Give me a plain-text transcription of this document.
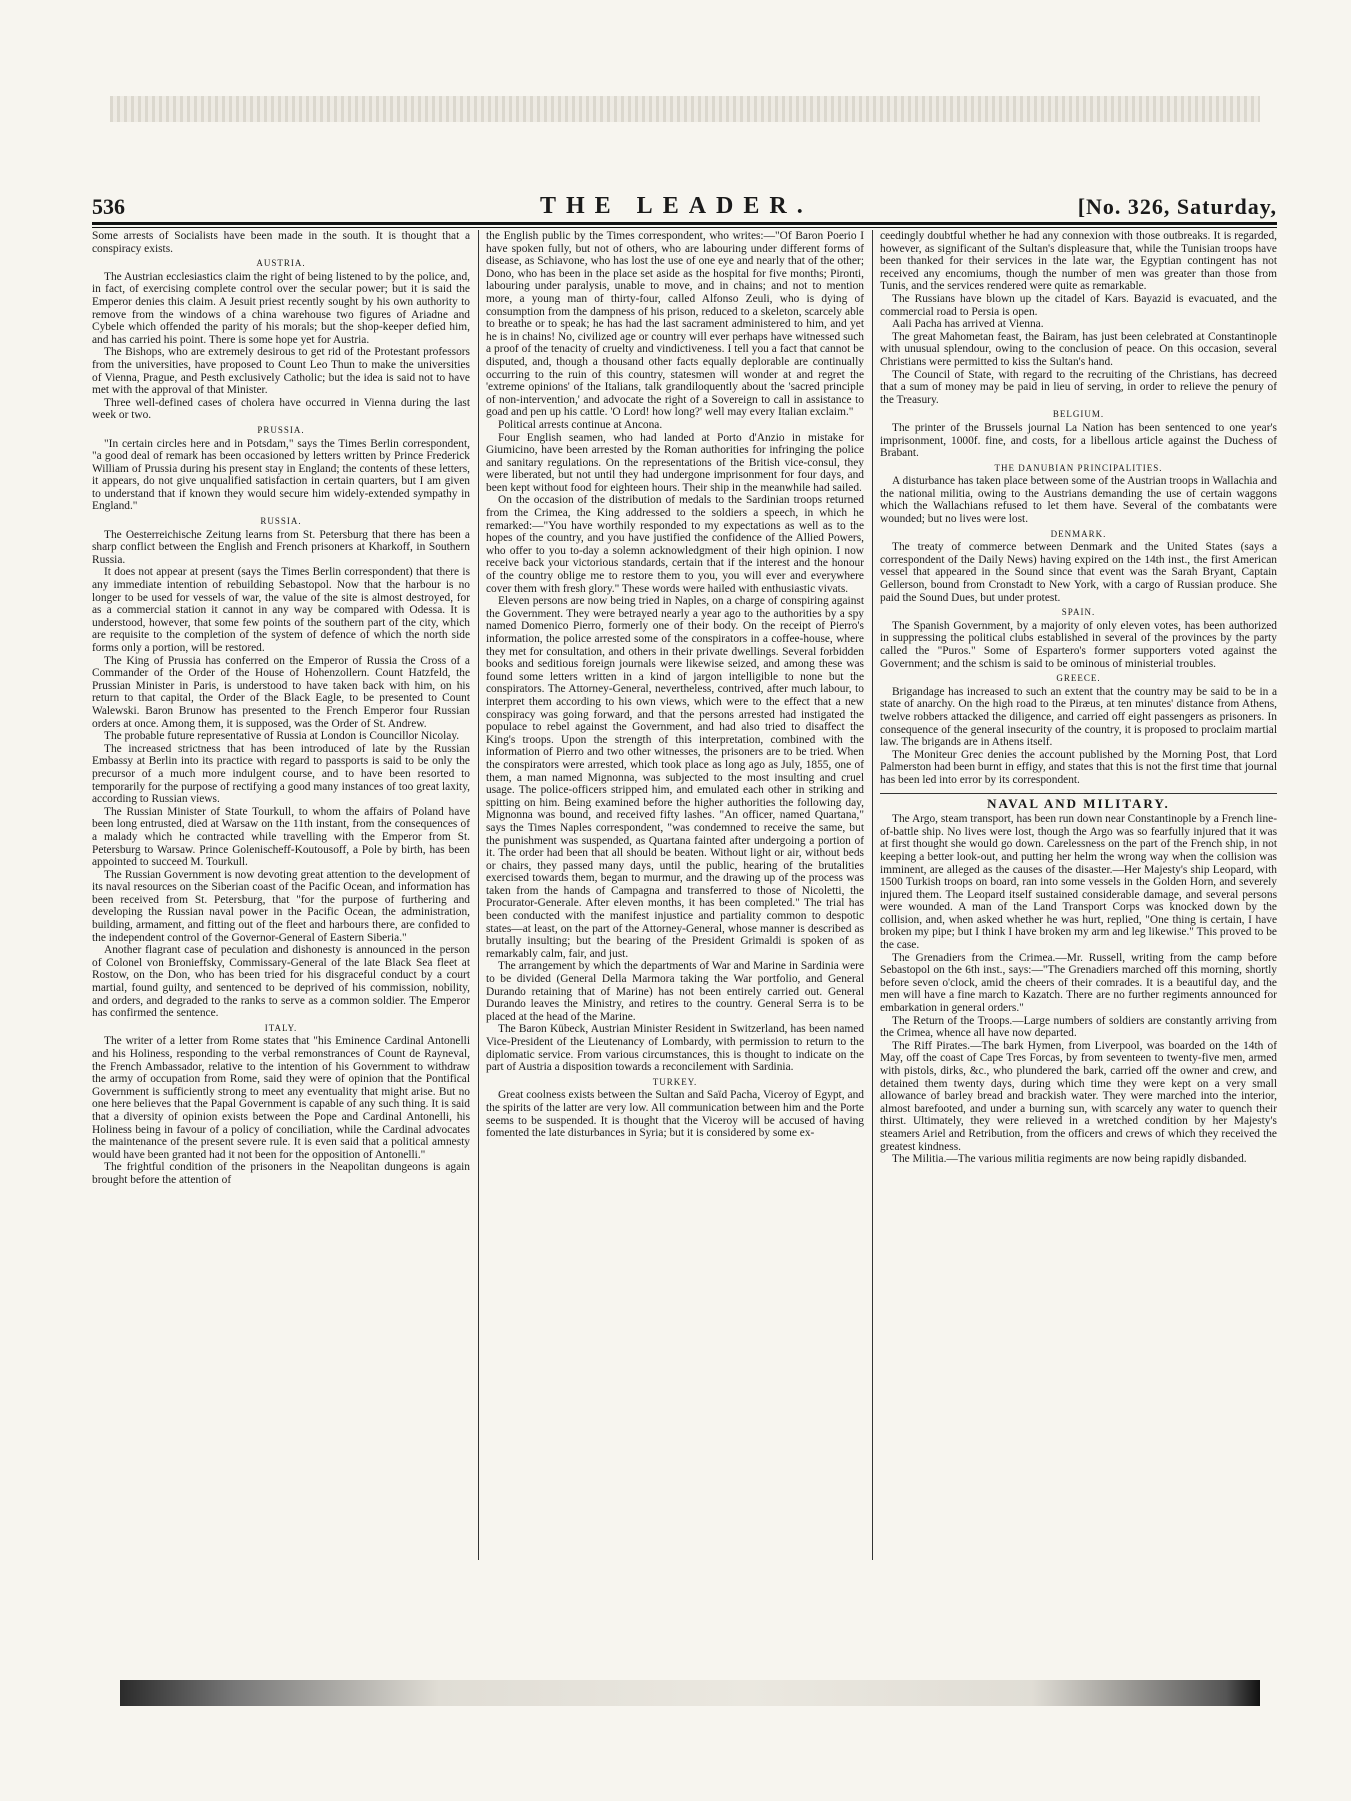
536	THE LEADER.	[No. 326, Saturday,

Some arrests of Socialists have been made in the south. It is thought that a conspiracy exists.

AUSTRIA.

The Austrian ecclesiastics claim the right of being listened to by the police, and, in fact, of exercising complete control over the secular power; but it is said the Emperor denies this claim. A Jesuit priest recently sought by his own authority to remove from the windows of a china warehouse two figures of Ariadne and Cybele which offended the parity of his morals; but the shop-keeper defied him, and has carried his point. There is some hope yet for Austria.

The Bishops, who are extremely desirous to get rid of the Protestant professors from the universities, have proposed to Count Leo Thun to make the universities of Vienna, Prague, and Pesth exclusively Catholic; but the idea is said not to have met with the approval of that Minister.

Three well-defined cases of cholera have occurred in Vienna during the last week or two.

PRUSSIA.

"In certain circles here and in Potsdam," says the Times Berlin correspondent, "a good deal of remark has been occasioned by letters written by Prince Frederick William of Prussia during his present stay in England; the contents of these letters, it appears, do not give unqualified satisfaction in certain quarters, but I am given to understand that if known they would secure him widely-extended sympathy in England."

RUSSIA.

The Oesterreichische Zeitung learns from St. Petersburg that there has been a sharp conflict between the English and French prisoners at Kharkoff, in Southern Russia.

It does not appear at present (says the Times Berlin correspondent) that there is any immediate intention of rebuilding Sebastopol. Now that the harbour is no longer to be used for vessels of war, the value of the site is almost destroyed, for as a commercial station it cannot in any way be compared with Odessa. It is understood, however, that some few points of the southern part of the city, which are requisite to the completion of the system of defence of which the north side forms only a portion, will be restored.

The King of Prussia has conferred on the Emperor of Russia the Cross of a Commander of the Order of the House of Hohenzollern. Count Hatzfeld, the Prussian Minister in Paris, is understood to have taken back with him, on his return to that capital, the Order of the Black Eagle, to be presented to Count Walewski. Baron Brunow has presented to the French Emperor four Russian orders at once. Among them, it is supposed, was the Order of St. Andrew.

The probable future representative of Russia at London is Councillor Nicolay.

The increased strictness that has been introduced of late by the Russian Embassy at Berlin into its practice with regard to passports is said to be only the precursor of a much more indulgent course, and to have been resorted to temporarily for the purpose of rectifying a good many instances of too great laxity, according to Russian views.

The Russian Minister of State Tourkull, to whom the affairs of Poland have been long entrusted, died at Warsaw on the 11th instant, from the consequences of a malady which he contracted while travelling with the Emperor from St. Petersburg to Warsaw. Prince Golenischeff-Koutousoff, a Pole by birth, has been appointed to succeed M. Tourkull.

The Russian Government is now devoting great attention to the development of its naval resources on the Siberian coast of the Pacific Ocean, and information has been received from St. Petersburg, that "for the purpose of furthering and developing the Russian naval power in the Pacific Ocean, the administration, building, armament, and fitting out of the fleet and harbours there, are confided to the independent control of the Governor-General of Eastern Siberia."

Another flagrant case of peculation and dishonesty is announced in the person of Colonel von Bronieffsky, Commissary-General of the late Black Sea fleet at Rostow, on the Don, who has been tried for his disgraceful conduct by a court martial, found guilty, and sentenced to be deprived of his commission, nobility, and orders, and degraded to the ranks to serve as a common soldier. The Emperor has confirmed the sentence.

ITALY.

The writer of a letter from Rome states that "his Eminence Cardinal Antonelli and his Holiness, responding to the verbal remonstrances of Count de Rayneval, the French Ambassador, relative to the intention of his Government to withdraw the army of occupation from Rome, said they were of opinion that the Pontifical Government is sufficiently strong to meet any eventuality that might arise. But no one here believes that the Papal Government is capable of any such thing. It is said that a diversity of opinion exists between the Pope and Cardinal Antonelli, his Holiness being in favour of a policy of conciliation, while the Cardinal advocates the maintenance of the present severe rule. It is even said that a political amnesty would have been granted had it not been for the opposition of Antonelli."

The frightful condition of the prisoners in the Neapolitan dungeons is again brought before the attention of

the English public by the Times correspondent, who writes:—"Of Baron Poerio I have spoken fully, but not of others, who are labouring under different forms of disease, as Schiavone, who has lost the use of one eye and nearly that of the other; Dono, who has been in the place set aside as the hospital for five months; Pironti, labouring under paralysis, unable to move, and in chains; and not to mention more, a young man of thirty-four, called Alfonso Zeuli, who is dying of consumption from the dampness of his prison, reduced to a skeleton, scarcely able to breathe or to speak; he has had the last sacrament administered to him, and yet he is in chains! No, civilized age or country will ever perhaps have witnessed such a proof of the tenacity of cruelty and vindictiveness. I tell you a fact that cannot be disputed, and, though a thousand other facts equally deplorable are continually occurring to the ruin of this country, statesmen will wonder at and regret the 'extreme opinions' of the Italians, talk grandiloquently about the 'sacred principle of non-intervention,' and advocate the right of a Sovereign to call in assistance to goad and pen up his cattle. 'O Lord! how long?' well may every Italian exclaim."

Political arrests continue at Ancona.

Four English seamen, who had landed at Porto d'Anzio in mistake for Giumicino, have been arrested by the Roman authorities for infringing the police and sanitary regulations. On the representations of the British vice-consul, they were liberated, but not until they had undergone imprisonment for four days, and been kept without food for eighteen hours. Their ship in the meanwhile had sailed.

On the occasion of the distribution of medals to the Sardinian troops returned from the Crimea, the King addressed to the soldiers a speech, in which he remarked:—"You have worthily responded to my expectations as well as to the hopes of the country, and you have justified the confidence of the Allied Powers, who offer to you to-day a solemn acknowledgment of their high opinion. I now receive back your victorious standards, certain that if the interest and the honour of the country oblige me to restore them to you, you will ever and everywhere cover them with fresh glory." These words were hailed with enthusiastic vivats.

Eleven persons are now being tried in Naples, on a charge of conspiring against the Government. They were betrayed nearly a year ago to the authorities by a spy named Domenico Pierro, formerly one of their body. On the receipt of Pierro's information, the police arrested some of the conspirators in a coffee-house, where they met for consultation, and others in their private dwellings. Several forbidden books and seditious foreign journals were likewise seized, and among these was found some letters written in a kind of jargon intelligible to none but the conspirators. The Attorney-General, nevertheless, contrived, after much labour, to interpret them according to his own views, which were to the effect that a new conspiracy was going forward, and that the persons arrested had instigated the populace to rebel against the Government, and had also tried to disaffect the King's troops. Upon the strength of this interpretation, combined with the information of Pierro and two other witnesses, the prisoners are to be tried. When the conspirators were arrested, which took place as long ago as July, 1855, one of them, a man named Mignonna, was subjected to the most insulting and cruel usage. The police-officers stripped him, and emulated each other in striking and spitting on him. Being examined before the higher authorities the following day, Mignonna was bound, and received fifty lashes. "An officer, named Quartana," says the Times Naples correspondent, "was condemned to receive the same, but the punishment was suspended, as Quartana fainted after undergoing a portion of it. The order had been that all should be beaten. Without light or air, without beds or chairs, they passed many days, until the public, hearing of the brutalities exercised towards them, began to murmur, and the drawing up of the process was taken from the hands of Campagna and transferred to those of Nicoletti, the Procurator-Generale. After eleven months, it has been completed." The trial has been conducted with the manifest injustice and partiality common to despotic states—at least, on the part of the Attorney-General, whose manner is described as brutally insulting; but the bearing of the President Grimaldi is spoken of as remarkably calm, fair, and just.

The arrangement by which the departments of War and Marine in Sardinia were to be divided (General Della Marmora taking the War portfolio, and General Durando retaining that of Marine) has not been entirely carried out. General Durando leaves the Ministry, and retires to the country. General Serra is to be placed at the head of the Marine.

The Baron Kübeck, Austrian Minister Resident in Switzerland, has been named Vice-President of the Lieutenancy of Lombardy, with permission to return to the diplomatic service. From various circumstances, this is thought to indicate on the part of Austria a disposition towards a reconcilement with Sardinia.

TURKEY.

Great coolness exists between the Sultan and Saïd Pacha, Viceroy of Egypt, and the spirits of the latter are very low. All communication between him and the Porte seems to be suspended. It is thought that the Viceroy will be accused of having fomented the late disturbances in Syria; but it is considered by some ex-

ceedingly doubtful whether he had any connexion with those outbreaks. It is regarded, however, as significant of the Sultan's displeasure that, while the Tunisian troops have been thanked for their services in the late war, the Egyptian contingent has not received any encomiums, though the number of men was greater than those from Tunis, and the services rendered were quite as remarkable.

The Russians have blown up the citadel of Kars. Bayazid is evacuated, and the commercial road to Persia is open.

Aali Pacha has arrived at Vienna.

The great Mahometan feast, the Bairam, has just been celebrated at Constantinople with unusual splendour, owing to the conclusion of peace. On this occasion, several Christians were permitted to kiss the Sultan's hand.

The Council of State, with regard to the recruiting of the Christians, has decreed that a sum of money may be paid in lieu of serving, in order to relieve the penury of the Treasury.

BELGIUM.

The printer of the Brussels journal La Nation has been sentenced to one year's imprisonment, 1000f. fine, and costs, for a libellous article against the Duchess of Brabant.

THE DANUBIAN PRINCIPALITIES.

A disturbance has taken place between some of the Austrian troops in Wallachia and the national militia, owing to the Austrians demanding the use of certain waggons which the Wallachians refused to let them have. Several of the combatants were wounded; but no lives were lost.

DENMARK.

The treaty of commerce between Denmark and the United States (says a correspondent of the Daily News) having expired on the 14th inst., the first American vessel that appeared in the Sound since that event was the Sarah Bryant, Captain Gellerson, bound from Cronstadt to New York, with a cargo of Russian produce. She paid the Sound Dues, but under protest.

SPAIN.

The Spanish Government, by a majority of only eleven votes, has been authorized in suppressing the political clubs established in several of the provinces by the party called the "Puros." Some of Espartero's former supporters voted against the Government; and the schism is said to be ominous of ministerial troubles.

GREECE.

Brigandage has increased to such an extent that the country may be said to be in a state of anarchy. On the high road to the Piræus, at ten minutes' distance from Athens, twelve robbers attacked the diligence, and carried off eight passengers as prisoners. In consequence of the general insecurity of the country, it is proposed to proclaim martial law. The brigands are in Athens itself.

The Moniteur Grec denies the account published by the Morning Post, that Lord Palmerston had been burnt in effigy, and states that this is not the first time that journal has been led into error by its correspondent.

NAVAL AND MILITARY.

The Argo, steam transport, has been run down near Constantinople by a French line-of-battle ship. No lives were lost, though the Argo was so fearfully injured that it was at first thought she would go down. Carelessness on the part of the French ship, in not keeping a better look-out, and putting her helm the wrong way when the collision was imminent, are alleged as the causes of the disaster.—Her Majesty's ship Leopard, with 1500 Turkish troops on board, ran into some vessels in the Golden Horn, and severely injured them. The Leopard itself sustained considerable damage, and several persons were wounded. A man of the Land Transport Corps was knocked down by the collision, and, when asked whether he was hurt, replied, "One thing is certain, I have broken my pipe; but I think I have broken my arm and leg likewise." This proved to be the case.

The Grenadiers from the Crimea.—Mr. Russell, writing from the camp before Sebastopol on the 6th inst., says:—"The Grenadiers marched off this morning, shortly before seven o'clock, amid the cheers of their comrades. It is a beautiful day, and the men will have a fine march to Kazatch. There are no further regiments announced for embarkation in general orders."

The Return of the Troops.—Large numbers of soldiers are constantly arriving from the Crimea, whence all have now departed.

The Riff Pirates.—The bark Hymen, from Liverpool, was boarded on the 14th of May, off the coast of Cape Tres Forcas, by from seventeen to twenty-five men, armed with pistols, dirks, &c., who plundered the bark, carried off the owner and crew, and detained them twenty days, during which time they were kept on a very small allowance of barley bread and brackish water. They were marched into the interior, almost barefooted, and under a burning sun, with scarcely any water to quench their thirst. Ultimately, they were relieved in a wretched condition by her Majesty's steamers Ariel and Retribution, from the officers and crews of which they received the greatest kindness.

The Militia.—The various militia regiments are now being rapidly disbanded.
